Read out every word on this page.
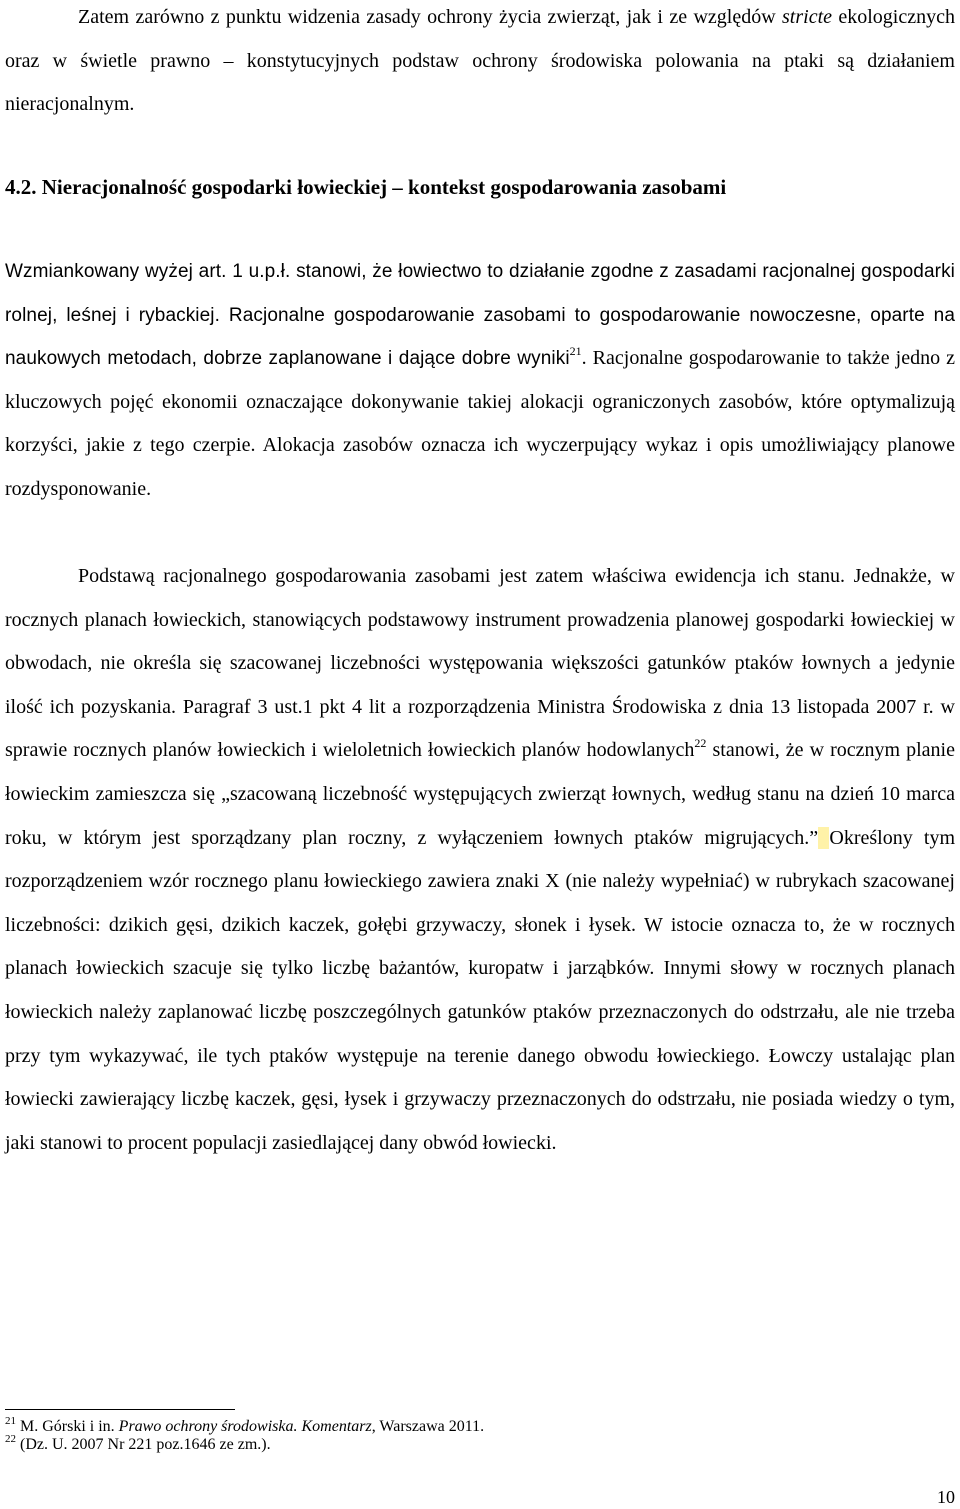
Zatem zarówno z punktu widzenia zasady ochrony życia zwierząt, jak i ze względów stricte ekologicznych oraz w świetle prawno – konstytucyjnych podstaw ochrony środowiska polowania na ptaki są działaniem nieracjonalnym.

4.2. Nieracjonalność gospodarki łowieckiej – kontekst gospodarowania zasobami

Wzmiankowany wyżej art. 1 u.p.ł. stanowi, że łowiectwo to działanie zgodne z zasadami racjonalnej gospodarki rolnej, leśnej i rybackiej. Racjonalne gospodarowanie zasobami to gospodarowanie nowoczesne, oparte na naukowych metodach, dobrze zaplanowane i dające dobre wyniki$^{21}$. Racjonalne gospodarowanie to także jedno z kluczowych pojęć ekonomii oznaczające dokonywanie takiej alokacji ograniczonych zasobów, które optymalizują korzyści, jakie z tego czerpie. Alokacja zasobów oznacza ich wyczerpujący wykaz i opis umożliwiający planowe rozdysponowanie.

Podstawą racjonalnego gospodarowania zasobami jest zatem właściwa ewidencja ich stanu. Jednakże, w rocznych planach łowieckich, stanowiących podstawowy instrument prowadzenia planowej gospodarki łowieckiej w obwodach, nie określa się szacowanej liczebności występowania większości gatunków ptaków łownych a jedynie ilość ich pozyskania. Paragraf 3 ust.1 pkt 4 lit a rozporządzenia Ministra Środowiska z dnia 13 listopada 2007 r. w sprawie rocznych planów łowieckich i wieloletnich łowieckich planów hodowlanych$^{22}$ stanowi, że w rocznym planie łowieckim zamieszcza się „szacowaną liczebność występujących zwierząt łownych, według stanu na dzień 10 marca roku, w którym jest sporządzany plan roczny, z wyłączeniem łownych ptaków migrujących.” Określony tym rozporządzeniem wzór rocznego planu łowieckiego zawiera znaki X (nie należy wypełniać) w rubrykach szacowanej liczebności: dzikich gęsi, dzikich kaczek, gołębi grzywaczy, słonek i łysek. W istocie oznacza to, że w rocznych planach łowieckich szacuje się tylko liczbę bażantów, kuropatw i jarząbków. Innymi słowy w rocznych planach łowieckich należy zaplanować liczbę poszczególnych gatunków ptaków przeznaczonych do odstrzału, ale nie trzeba przy tym wykazywać, ile tych ptaków występuje na terenie danego obwodu łowieckiego. Łowczy ustalając plan łowiecki zawierający liczbę kaczek, gęsi, łysek i grzywaczy przeznaczonych do odstrzału, nie posiada wiedzy o tym, jaki stanowi to procent populacji zasiedlającej dany obwód łowiecki.

$^{21}$ M. Górski i in. Prawo ochrony środowiska. Komentarz, Warszawa 2011.

$^{22}$ (Dz. U. 2007 Nr 221 poz.1646 ze zm.).

10
